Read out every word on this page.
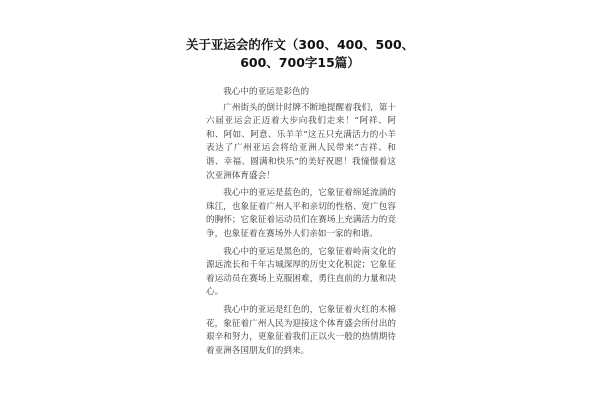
关于亚运会的作文（300、400、500、
600、700字15篇）

我心中的亚运是彩色的

广州街头的倒计时牌不断地提醒着我们，第十六届亚运会正迈着大步向我们走来！“阿祥、阿和、阿如、阿意、乐羊羊”这五只充满活力的小羊表达了广州亚运会将给亚洲人民带来“吉祥、和谐、幸福、圆满和快乐”的美好祝愿！我憧憬着这次亚洲体育盛会！

我心中的亚运是蓝色的，它象征着绵延流淌的珠江，也象征着广州人平和亲切的性格、宽广包容的胸怀；它象征着运动员们在赛场上充满活力的竞争，也象征着在赛场外人们亲如一家的和谐。

我心中的亚运是黑色的，它象征着岭南文化的源远流长和千年古城深厚的历史文化积淀；它象征着运动员在赛场上克服困难，勇往直前的力量和决心。

我心中的亚运是红色的，它象征着火红的木棉花，象征着广州人民为迎接这个体育盛会所付出的艰辛和努力，更象征着我们正以火一般的热情期待着亚洲各国朋友们的到来。
